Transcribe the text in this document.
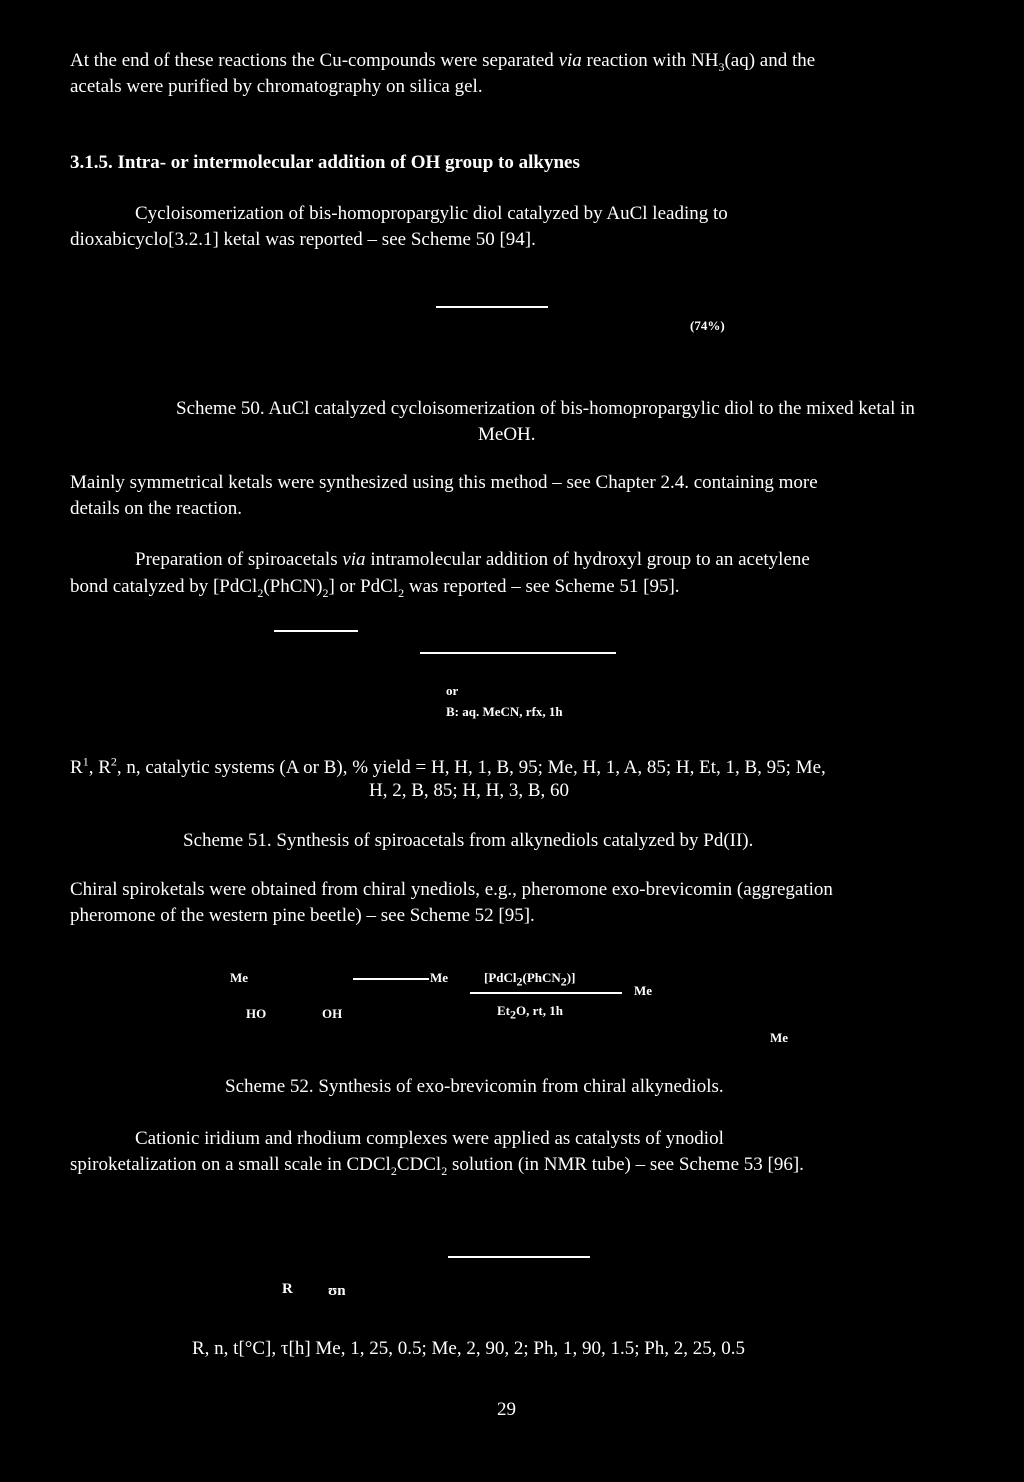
At the end of these reactions the Cu-compounds were separated via reaction with $NH_3(aq)$ and the
acetals were purified by chromatography on silica gel.
3.1.5. Intra- or intermolecular addition of OH group to alkynes
Cycloisomerization of bis-homopropargylic diol catalyzed by AuCl leading to
dioxabicyclo[3.2.1] ketal was reported – see Scheme 50 [94].
(74%)
Scheme 50. AuCl catalyzed cycloisomerization of bis-homopropargylic diol to the mixed ketal in
MeOH.
Mainly symmetrical ketals were synthesized using this method – see Chapter 2.4. containing more
details on the reaction.
Preparation of spiroacetals via intramolecular addition of hydroxyl group to an acetylene
bond catalyzed by $[PdCl_2(PhCN)_2]$ or PdCl$_2$ was reported – see Scheme 51 [95].
or
B: aq. MeCN, rfx, 1h
$R^1$, $R^2$, n, catalytic systems (A or B), % yield = H, H, 1, B, 95; Me, H, 1, A, 85; H, Et, 1, B, 95; Me,
H, 2, B, 85; H, H, 3, B, 60
Scheme 51. Synthesis of spiroacetals from alkynediols catalyzed by Pd(II).
Chiral spiroketals were obtained from chiral ynediols, e.g., pheromone exo-brevicomin (aggregation
pheromone of the western pine beetle) – see Scheme 52 [95].
Me	Me	[PdCl$_2$(PhCN$_2$)]
Me
HO	OH	$Et_2O$, rt, 1h
Me
Scheme 52. Synthesis of exo-brevicomin from chiral alkynediols.
Cationic iridium and rhodium complexes were applied as catalysts of ynodiol
spiroketalization on a small scale in CDCl$_2$CDCl$_2$ solution (in NMR tube) – see Scheme 53 [96].
R ʊn
R, n, t[°C], τ[h] Me, 1, 25, 0.5; Me, 2, 90, 2; Ph, 1, 90, 1.5; Ph, 2, 25, 0.5
29
